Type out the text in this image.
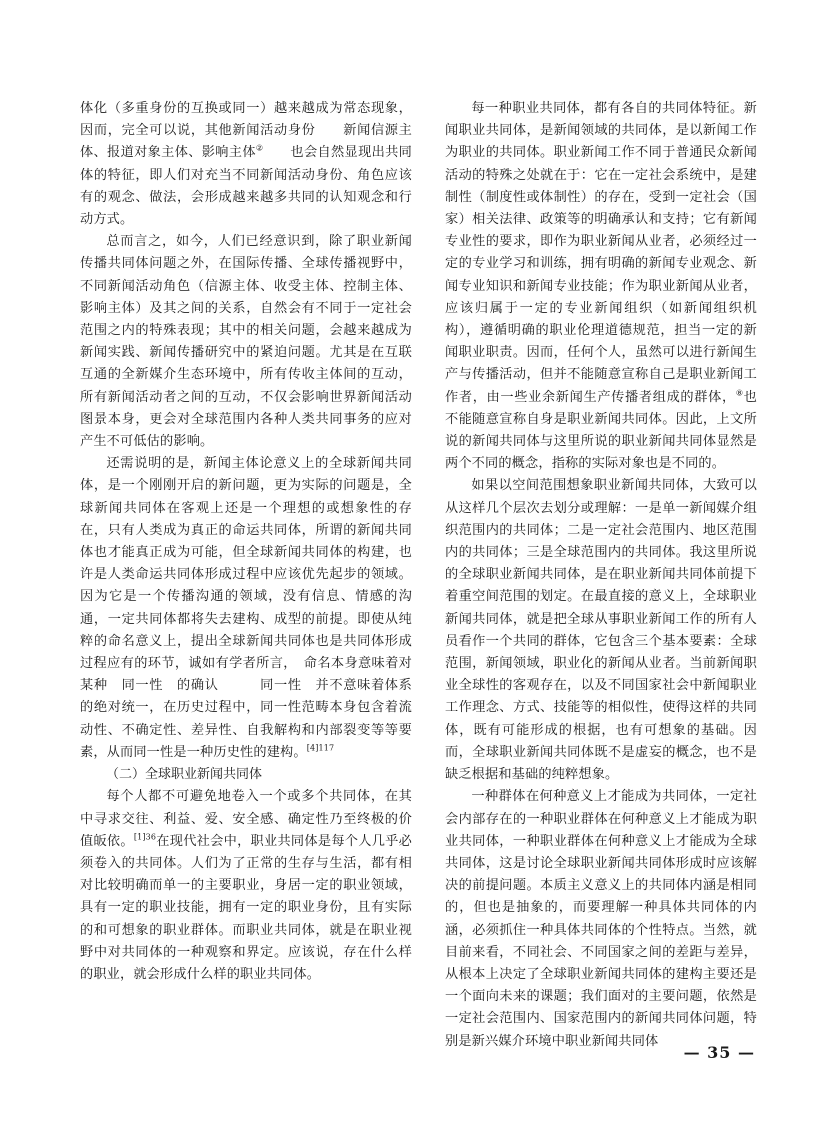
体化（多重身份的互换或同一）越来越成为常态现象，因而，完全可以说，其他新闻活动身份　　新闻信源主体、报道对象主体、影响主体②　　也会自然显现出共同体的特征，即人们对充当不同新闻活动身份、角色应该有的观念、做法，会形成越来越多共同的认知观念和行动方式。

总而言之，如今，人们已经意识到，除了职业新闻传播共同体问题之外，在国际传播、全球传播视野中，不同新闻活动角色（信源主体、收受主体、控制主体、影响主体）及其之间的关系，自然会有不同于一定社会范围之内的特殊表现；其中的相关问题，会越来越成为新闻实践、新闻传播研究中的紧迫问题。尤其是在互联互通的全新媒介生态环境中，所有传收主体间的互动，所有新闻活动者之间的互动，不仅会影响世界新闻活动图景本身，更会对全球范围内各种人类共同事务的应对产生不可低估的影响。

还需说明的是，新闻主体论意义上的全球新闻共同体，是一个刚刚开启的新问题，更为实际的问题是，全球新闻共同体在客观上还是一个理想的或想象性的存在，只有人类成为真正的命运共同体，所谓的新闻共同体也才能真正成为可能，但全球新闻共同体的构建，也许是人类命运共同体形成过程中应该优先起步的领域。因为它是一个传播沟通的领域，没有信息、情感的沟通，一定共同体都将失去建构、成型的前提。即使从纯粹的命名意义上，提出全球新闻共同体也是共同体形成过程应有的环节，诚如有学者所言，　命名本身意味着对某种　同一性　的确认　　　同一性　并不意味着体系的绝对统一，在历史过程中，同一性范畴本身包含着流动性、不确定性、差异性、自我解构和内部裂变等等要素，从而同一性是一种历史性的建构。$^{[4]117}$

（二）全球职业新闻共同体

每个人都不可避免地卷入一个或多个共同体，在其中寻求交往、利益、爱、安全感、确定性乃至终极的价值皈依。$^{[1]36}$在现代社会中，职业共同体是每个人几乎必须卷入的共同体。人们为了正常的生存与生活，都有相对比较明确而单一的主要职业，身居一定的职业领域，具有一定的职业技能，拥有一定的职业身份，且有实际的和可想象的职业群体。而职业共同体，就是在职业视野中对共同体的一种观察和界定。应该说，存在什么样的职业，就会形成什么样的职业共同体。

每一种职业共同体，都有各自的共同体特征。新闻职业共同体，是新闻领域的共同体，是以新闻工作为职业的共同体。职业新闻工作不同于普通民众新闻活动的特殊之处就在于：它在一定社会系统中，是建制性（制度性或体制性）的存在，受到一定社会（国家）相关法律、政策等的明确承认和支持；它有新闻专业性的要求，即作为职业新闻从业者，必须经过一定的专业学习和训练，拥有明确的新闻专业观念、新闻专业知识和新闻专业技能；作为职业新闻从业者，应该归属于一定的专业新闻组织（如新闻组织机构），遵循明确的职业伦理道德规范，担当一定的新闻职业职责。因而，任何个人，虽然可以进行新闻生产与传播活动，但并不能随意宣称自己是职业新闻工作者，由一些业余新闻生产传播者组成的群体，⑧也不能随意宣称自身是职业新闻共同体。因此，上文所说的新闻共同体与这里所说的职业新闻共同体显然是两个不同的概念，指称的实际对象也是不同的。

如果以空间范围想象职业新闻共同体，大致可以从这样几个层次去划分或理解：一是单一新闻媒介组织范围内的共同体；二是一定社会范围内、地区范围内的共同体；三是全球范围内的共同体。我这里所说的全球职业新闻共同体，是在职业新闻共同体前提下着重空间范围的划定。在最直接的意义上，全球职业新闻共同体，就是把全球从事职业新闻工作的所有人员看作一个共同的群体，它包含三个基本要素：全球范围，新闻领域，职业化的新闻从业者。当前新闻职业全球性的客观存在，以及不同国家社会中新闻职业工作理念、方式、技能等的相似性，使得这样的共同体，既有可能形成的根据，也有可想象的基础。因而，全球职业新闻共同体既不是虚妄的概念，也不是缺乏根据和基础的纯粹想象。

一种群体在何种意义上才能成为共同体，一定社会内部存在的一种职业群体在何种意义上才能成为职业共同体，一种职业群体在何种意义上才能成为全球共同体，这是讨论全球职业新闻共同体形成时应该解决的前提问题。本质主义意义上的共同体内涵是相同的，但也是抽象的，而要理解一种具体共同体的内涵，必须抓住一种具体共同体的个性特点。当然，就目前来看，不同社会、不同国家之间的差距与差异，从根本上决定了全球职业新闻共同体的建构主要还是一个面向未来的课题；我们面对的主要问题，依然是一定社会范围内、国家范围内的新闻共同体问题，特别是新兴媒介环境中职业新闻共同体

— 35 —
